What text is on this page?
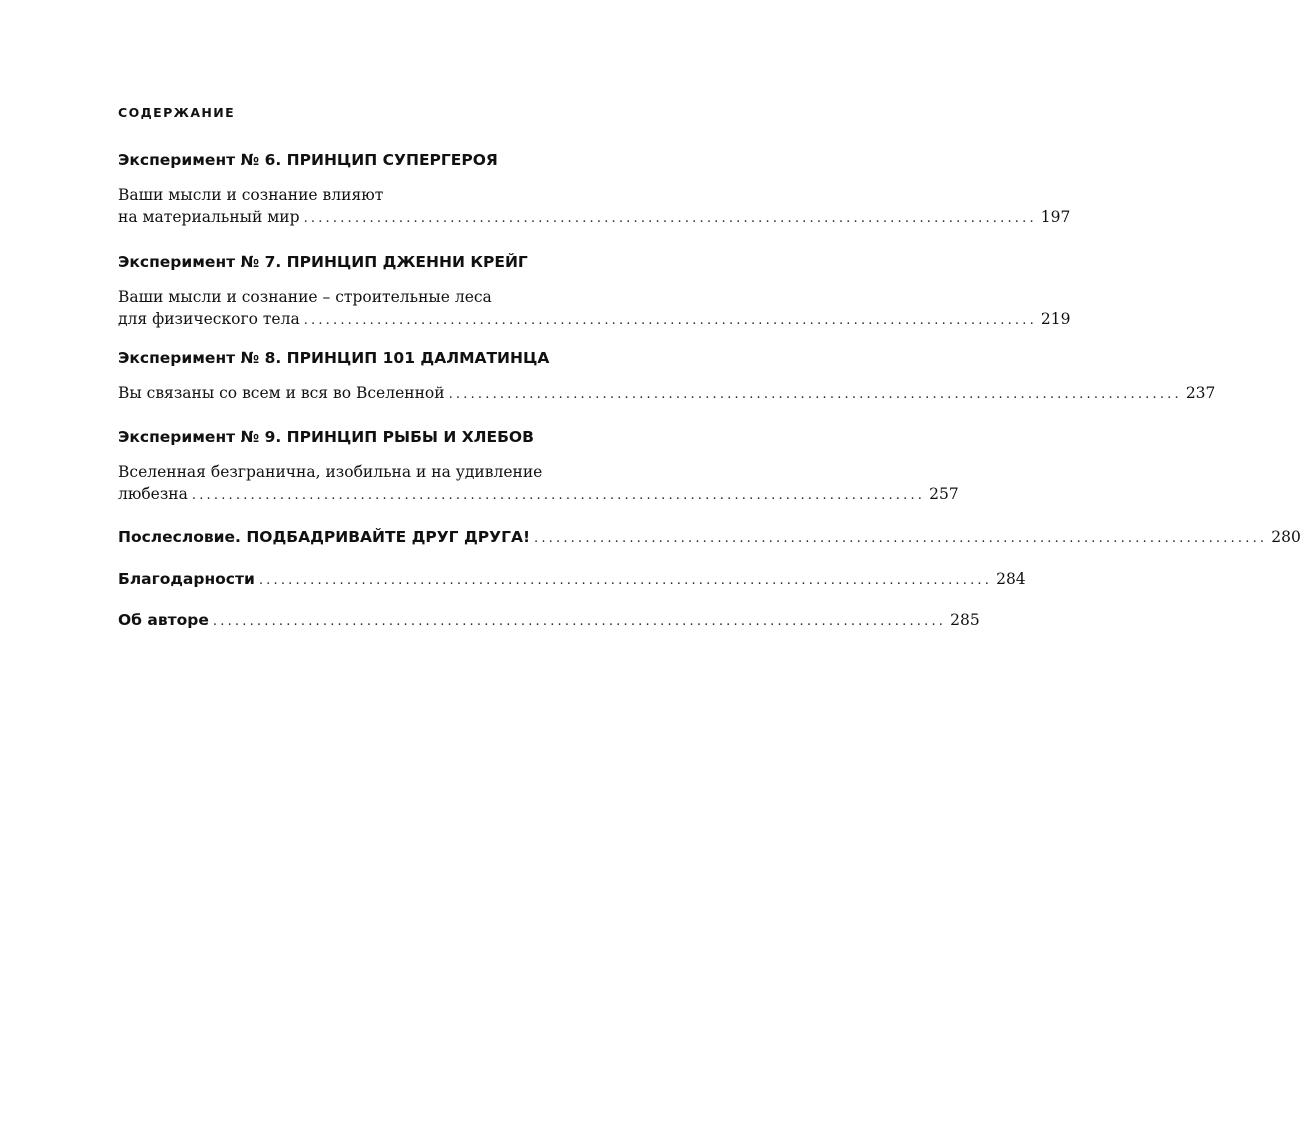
СОДЕРЖАНИЕ
Эксперимент № 6. ПРИНЦИП СУПЕРГЕРОЯ
Ваши мысли и сознание влияют
на материальный мир .................................................................................................... 197
Эксперимент № 7. ПРИНЦИП ДЖЕННИ КРЕЙГ
Ваши мысли и сознание – строительные леса
для физического тела .................................................................................................... 219
Эксперимент № 8. ПРИНЦИП 101 ДАЛМАТИНЦА
Вы связаны со всем и вся во Вселенной .................................................................................................... 237
Эксперимент № 9. ПРИНЦИП РЫБЫ И ХЛЕБОВ
Вселенная безгранична, изобильна и на удивление
любезна .................................................................................................... 257
Послесловие. ПОДБАДРИВАЙТЕ ДРУГ ДРУГА! .................................................................................................... 280
Благодарности .................................................................................................... 284
Об авторе .................................................................................................... 285
